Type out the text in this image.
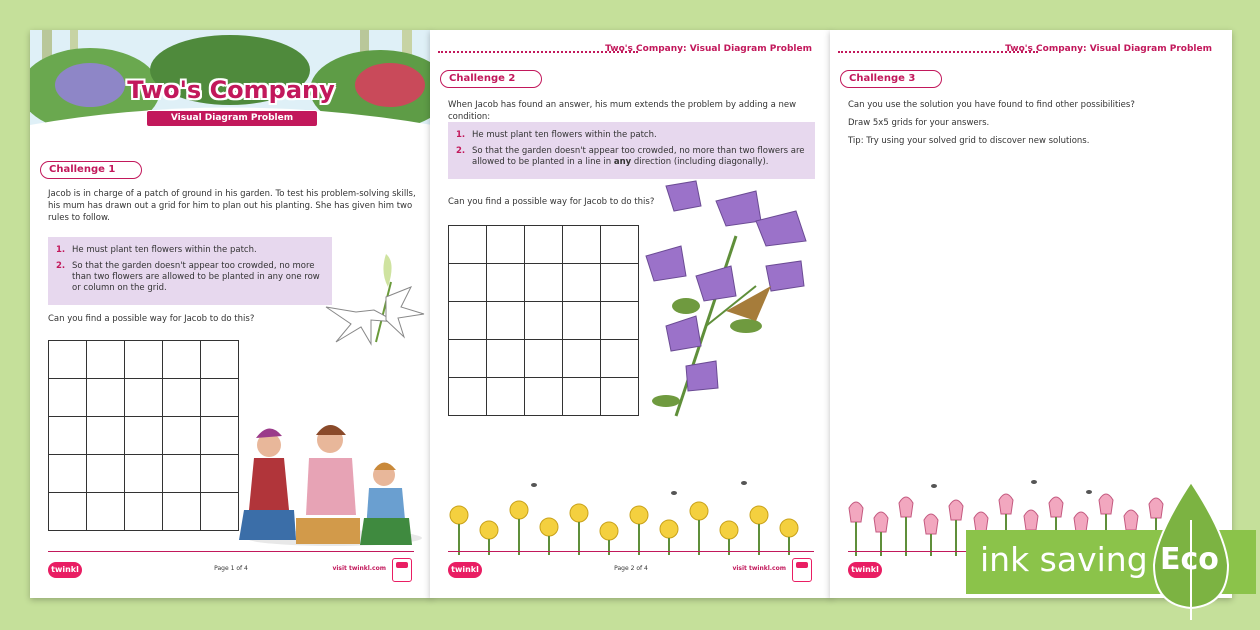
Two's Company
Visual Diagram Problem
Challenge 1
Jacob is in charge of a patch of ground in his garden. To test his problem-solving skills, his mum has drawn out a grid for him to plan out his planting. She has given him two rules to follow.
1. He must plant ten flowers within the patch.
2. So that the garden doesn't appear too crowded, no more than two flowers are allowed to be planted in any one row or column on the grid.
Can you find a possible way for Jacob to do this?
twinkl	Page 1 of 4	visit twinkl.com
Two's Company: Visual Diagram Problem
Challenge 2
When Jacob has found an answer, his mum extends the problem by adding a new condition:
1. He must plant ten flowers within the patch.
2. So that the garden doesn't appear too crowded, no more than two flowers are allowed to be planted in a line in any direction (including diagonally).
Can you find a possible way for Jacob to do this?
twinkl	Page 2 of 4	visit twinkl.com
Two's Company: Visual Diagram Problem
Challenge 3
Can you use the solution you have found to find other possibilities?
Draw 5x5 grids for your answers.
Tip: Try using your solved grid to discover new solutions.
twinkl	ink saving Eco
